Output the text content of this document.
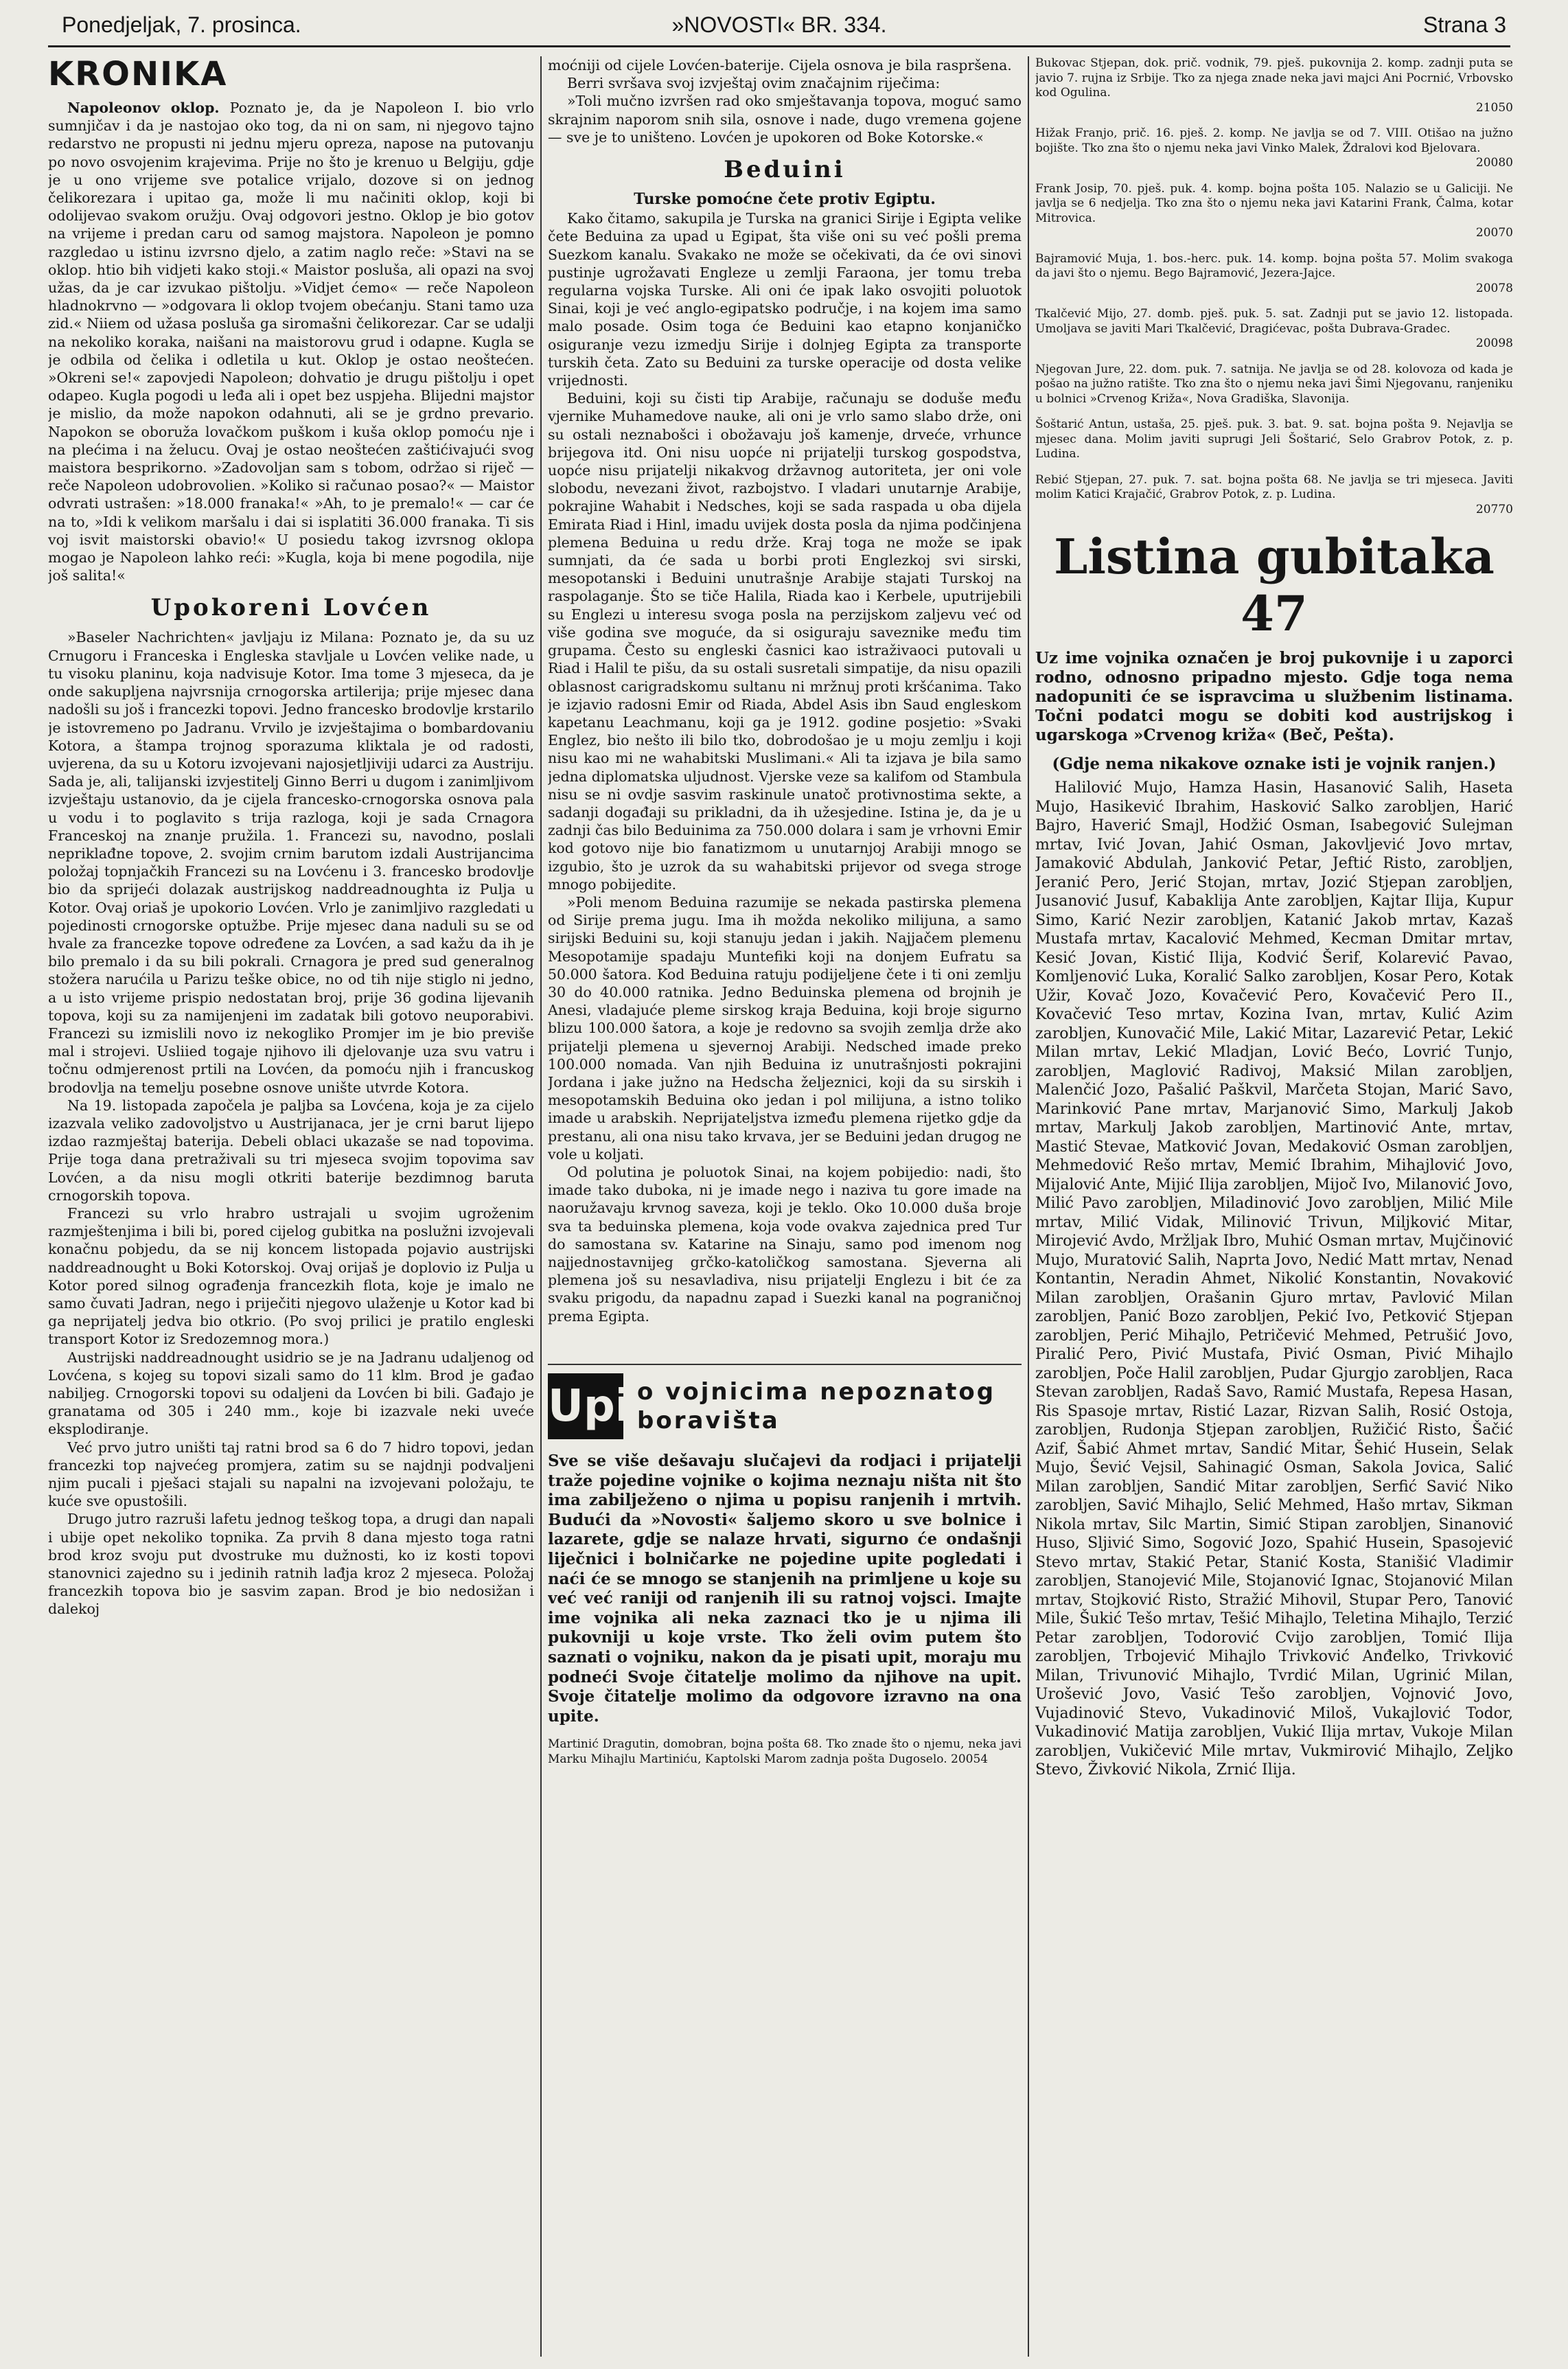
Ponedjeljak, 7. prosinca.	»NOVOSTI« BR. 334.	Strana 3
KRONIKA

Napoleonov oklop. Poznato je, da je Napoleon I. bio vrlo sumnjičav i da je nastojao oko tog, da ni on sam, ni njegovo tajno redarstvo ne propusti ni jednu mjeru opreza, napose na putovanju po novo osvojenim krajevima. Prije no što je krenuo u Belgiju, gdje je u ono vrijeme sve potalice vrijalo, dozove si on jednog čelikorezara i upitao ga, može li mu načiniti oklop, koji bi odolijevao svakom oružju. Ovaj odgovori jestno. Oklop je bio gotov na vrijeme i predan caru od samog majstora. Napoleon je pomno razgledao u istinu izvrsno djelo, a zatim naglo reče: »Stavi na se oklop. htio bih vidjeti kako stoji.« Maistor posluša, ali opazi na svoj užas, da je car izvukao pištolju. »Vidjet ćemo« — reče Napoleon hladnokrvno — »odgovara li oklop tvojem obećanju. Stani tamo uza zid.« Niiem od užasa posluša ga siromašni čelikorezar. Car se udalji na nekoliko koraka, naišani na maistorovu grud i odapne. Kugla se je odbila od čelika i odletila u kut. Oklop je ostao neoštećen. »Okreni se!« zapovjedi Napoleon; dohvatio je drugu pištolju i opet odapeo. Kugla pogodi u leđa ali i opet bez uspjeha. Blijedni majstor je mislio, da može napokon odahnuti, ali se je grdno prevario. Napokon se oboruža lovačkom puškom i kuša oklop pomoću nje i na plećima i na želucu. Ovaj je ostao neoštećen zaštićivajući svog maistora besprikorno. »Zadovoljan sam s tobom, održao si riječ — reče Napoleon udobrovolien. »Koliko si računao posao?« — Maistor odvrati ustrašen: »18.000 franaka!« »Ah, to je premalo!« — car će na to, »Idi k velikom maršalu i dai si isplatiti 36.000 franaka. Ti sis voj isvit maistorski obavio!« U posiedu takog izvrsnog oklopa mogao je Napoleon lahko reći: »Kugla, koja bi mene pogodila, nije još salita!«

Upokoreni Lovćen

»Baseler Nachrichten« javljaju iz Milana: Poznato je, da su uz Crnugoru i Franceska i Engleska stavljale u Lovćen velike nade, u tu visoku planinu, koja nadvisuje Kotor. Ima tome 3 mjeseca, da je onde sakupljena najvrsnija crnogorska artilerija; prije mjesec dana nadošli su još i francezki topovi. Jedno francesko brodovlje krstarilo je istovremeno po Jadranu. Vrvilo je izvještajima o bombardovaniu Kotora, a štampa trojnog sporazuma kliktala je od radosti, uvjerena, da su u Kotoru izvojevani najosjetljiviji udarci za Austriju. Sada je, ali, talijanski izvjestitelj Ginno Berri u dugom i zanimljivom izvještaju ustanovio, da je cijela francesko-crnogorska osnova pala u vodu i to poglavito s trija razloga, koji je sada Crnagora Franceskoj na znanje pružila. 1. Francezi su, navodno, poslali nepriklađne topove, 2. svojim crnim barutom izdali Austrijancima položaj topnjačkih Francezi su na Lovćenu i 3. francesko brodovlje bio da sprijeći dolazak austrijskog naddreadnoughta iz Pulja u Kotor. Ovaj oriaš je upokorio Lovćen. Vrlo je zanimljivo razgledati u pojedinosti crnogorske optužbe. Prije mjesec dana naduli su se od hvale za francezke topove određene za Lovćen, a sad kažu da ih je bilo premalo i da su bili pokrali. Crnagora je pred sud generalnog stožera narućila u Parizu teške obice, no od tih nije stiglo ni jedno, a u isto vrijeme prispio nedostatan broj, prije 36 godina lijevanih topova, koji su za namijenjeni im zadatak bili gotovo neuporabivi. Francezi su izmislili novo iz nekogliko Promjer im je bio previše mal i strojevi. Usliied togaje njihovo ili djelovanje uza svu vatru i točnu odmjerenost prtili na Lovćen, da pomoću njih i francuskog brodovlja na temelju posebne osnove unište utvrde Kotora.

Na 19. listopada započela je paljba sa Lovćena, koja je za cijelo izazvala veliko zadovoljstvo u Austrijanaca, jer je crni barut lijepo izdao razmještaj baterija. Debeli oblaci ukazaše se nad topovima. Prije toga dana pretraživali su tri mjeseca svojim topovima sav Lovćen, a da nisu mogli otkriti baterije bezdimnog baruta crnogorskih topova.

Francezi su vrlo hrabro ustrajali u svojim ugroženim razmještenjima i bili bi, pored cijelog gubitka na poslužni izvojevali konačnu pobjedu, da se nij koncem listopada pojavio austrijski naddreadnought u Boki Kotorskoj. Ovaj orijaš je doplovio iz Pulja u Kotor pored silnog ograđenja francezkih flota, koje je imalo ne samo čuvati Jadran, nego i priječiti njegovo ulaženje u Kotor kad bi ga neprijatelj jedva bio otkrio. (Po svoj prilici je pratilo engleski transport Kotor iz Sredozemnog mora.)

Austrijski naddreadnought usidrio se je na Jadranu udaljenog od Lovćena, s kojeg su topovi sizali samo do 11 klm. Brod je gađao nabiljeg. Crnogorski topovi su odaljeni da Lovćen bi bili. Gađajo je granatama od 305 i 240 mm., koje bi izazvale neki uveće eksplodiranje.

Već prvo jutro uništi taj ratni brod sa 6 do 7 hidro topovi, jedan francezki top najvećeg promjera, zatim su se najdnji podvaljeni njim pucali i pješaci stajali su napalni na izvojevani položaju, te kuće sve opustošili.

Drugo jutro razruši lafetu jednog teškog topa, a drugi dan napali i ubije opet nekoliko topnika. Za prvih 8 dana mjesto toga ratni brod kroz svoju put dvostruke mu dužnosti, ko iz kosti topovi stanovnici zajedno su i jedinih ratnih lađja kroz 2 mjeseca. Položaj francezkih topova bio je sasvim zapan. Brod je bio nedosižan i dalekoj

moćniji od cijele Lovćen-baterije. Cijela osnova je bila raspršena.

Berri svršava svoj izvještaj ovim značajnim riječima:

»Toli mučno izvršen rad oko smještavanja topova, moguć samo skrajnim naporom snih sila, osnove i nade, dugo vremena gojene — sve je to uništeno. Lovćen je upokoren od Boke Kotorske.«

Beduini

Turske pomoćne čete protiv Egiptu.

Kako čitamo, sakupila je Turska na granici Sirije i Egipta velike čete Beduina za upad u Egipat, šta više oni su već pošli prema Suezkom kanalu. Svakako ne može se očekivati, da će ovi sinovi pustinje ugrožavati Engleze u zemlji Faraona, jer tomu treba regularna vojska Turske. Ali oni će ipak lako osvojiti poluotok Sinai, koji je već anglo-egipatsko područje, i na kojem ima samo malo posade. Osim toga će Beduini kao etapno konjaničko osiguranje vezu izmedju Sirije i dolnjeg Egipta za transporte turskih četa. Zato su Beduini za turske operacije od dosta velike vrijednosti.

Beduini, koji su čisti tip Arabije, računaju se doduše među vjernike Muhamedove nauke, ali oni je vrlo samo slabo drže, oni su ostali neznabošci i obožavaju još kamenje, drveće, vrhunce brijegova itd. Oni nisu uopće ni prijatelji turskog gospodstva, uopće nisu prijatelji nikakvog državnog autoriteta, jer oni vole slobodu, nevezani život, razbojstvo. I vladari unutarnje Arabije, pokrajine Wahabit i Nedsches, koji se sada raspada u oba dijela Emirata Riad i Hinl, imadu uvijek dosta posla da njima podčinjena plemena Beduina u redu drže. Kraj toga ne može se ipak sumnjati, da će sada u borbi proti Englezkoj svi sirski, mesopotanski i Beduini unutrašnje Arabije stajati Turskoj na raspolaganje. Što se tiče Halila, Riada kao i Kerbele, uputrijebili su Englezi u interesu svoga posla na perzijskom zaljevu već od više godina sve moguće, da si osiguraju saveznike među tim grupama. Često su engleski časnici kao istraživaoci putovali u Riad i Halil te pišu, da su ostali susretali simpatije, da nisu opazili oblasnost carigradskomu sultanu ni mržnuj proti kršćanima. Tako je izjavio radosni Emir od Riada, Abdel Asis ibn Saud engleskom kapetanu Leachmanu, koji ga je 1912. godine posjetio: »Svaki Englez, bio nešto ili bilo tko, dobrodošao je u moju zemlju i koji nisu kao mi ne wahabitski Muslimani.« Ali ta izjava je bila samo jedna diplomatska uljudnost. Vjerske veze sa kalifom od Stambula nisu se ni ovdje sasvim raskinule unatoč protivnostima sekte, a sadanji događaji su prikladni, da ih užesjedine. Istina je, da je u zadnji čas bilo Beduinima za 750.000 dolara i sam je vrhovni Emir kod gotovo nije bio fanatizmom u unutarnjoj Arabiji mnogo se izgubio, što je uzrok da su wahabitski prijevor od svega stroge mnogo pobijedite.

»Poli menom Beduina razumije se nekada pastirska plemena od Sirije prema jugu. Ima ih možda nekoliko milijuna, a samo sirijski Beduini su, koji stanuju jedan i jakih. Najjačem plemenu Mesopotamije spadaju Muntefiki koji na donjem Eufratu sa 50.000 šatora. Kod Beduina ratuju podijeljene čete i ti oni zemlju 30 do 40.000 ratnika. Jedno Beduinska plemena od brojnih je Anesi, vladajuće pleme sirskog kraja Beduina, koji broje sigurno blizu 100.000 šatora, a koje je redovno sa svojih zemlja drže ako prijatelji plemena u sjevernoj Arabiji. Nedsched imade preko 100.000 nomada. Van njih Beduina iz unutrašnjosti pokrajini Jordana i jake južno na Hedscha željeznici, koji da su sirskih i mesopotamskih Beduina oko jedan i pol milijuna, a istno toliko imade u arabskih. Neprijateljstva između plemena rijetko gdje da prestanu, ali ona nisu tako krvava, jer se Beduini jedan drugog ne vole u koljati.

Od polutina je poluotok Sinai, na kojem pobijedio: nadi, što imade tako duboka, ni je imade nego i naziva tu gore imade na naoružavaju krvnog saveza, koji je teklo. Oko 10.000 duša broje sva ta beduinska plemena, koja vode ovakva zajednica pred Tur do samostana sv. Katarine na Sinaju, samo pod imenom nog najjednostavnijeg grčko-katoličkog samostana. Sjeverna ali plemena još su nesavladiva, nisu prijatelji Englezu i bit će za svaku prigodu, da napadnu zapad i Suezki kanal na pograničnoj prema Egipta.

Upit
o vojnicima nepoznatog boravišta

Sve se više dešavaju slučajevi da rodjaci i prijatelji traže pojedine vojnike o kojima neznaju ništa nit što ima zabilježeno o njima u popisu ranjenih i mrtvih. Budući da »Novosti« šaljemo skoro u sve bolnice i lazarete, gdje se nalaze hrvati, sigurno će ondašnji liječnici i bolničarke ne pojedine upite pogledati i naći će se mnogo se stanjenih na primljene u koje su već već raniji od ranjenih ili su ratnoj vojsci. Imajte ime vojnika ali neka zaznaci tko je u njima ili pukovniji u koje vrste. Tko želi ovim putem što saznati o vojniku, nakon da je pisati upit, moraju mu podneći Svoje čitatelje molimo da njihove na upit. Svoje čitatelje molimo da odgovore izravno na ona upite.

Martinić Dragutin, domobran, bojna pošta 68. Tko znade što o njemu, neka javi Marku Mihajlu Martiniću, Kaptolski Marom zadnja pošta Dugoselo. 20054

Bukovac Stjepan, dok. prič. vodnik, 79. pješ. pukovnija 2. komp. zadnji puta se javio 7. rujna iz Srbije. Tko za njega znade neka javi majci Ani Pocrnić, Vrbovsko kod Ogulina.

21050

Hižak Franjo, prič. 16. pješ. 2. komp. Ne javlja se od 7. VIII. Otišao na južno bojište. Tko zna što o njemu neka javi Vinko Malek, Ždralovi kod Bjelovara.

20080

Frank Josip, 70. pješ. puk. 4. komp. bojna pošta 105. Nalazio se u Galiciji. Ne javlja se 6 nedjelja. Tko zna što o njemu neka javi Katarini Frank, Čalma, kotar Mitrovica.

20070

Bajramović Muja, 1. bos.-herc. puk. 14. komp. bojna pošta 57. Molim svakoga da javi što o njemu. Bego Bajramović, Jezera-Jajce.

20078

Tkalčević Mijo, 27. domb. pješ. puk. 5. sat. Zadnji put se javio 12. listopada. Umoljava se javiti Mari Tkalčević, Dragićevac, pošta Dubrava-Gradec.

20098

Njegovan Jure, 22. dom. puk. 7. satnija. Ne javlja se od 28. kolovoza od kada je pošao na južno ratište. Tko zna što o njemu neka javi Šimi Njegovanu, ranjeniku u bolnici »Crvenog Križa«, Nova Gradiška, Slavonija.

Šoštarić Antun, ustaša, 25. pješ. puk. 3. bat. 9. sat. bojna pošta 9. Nejavlja se mjesec dana. Molim javiti suprugi Jeli Šoštarić, Selo Grabrov Potok, z. p. Ludina.

Rebić Stjepan, 27. puk. 7. sat. bojna pošta 68. Ne javlja se tri mjeseca. Javiti molim Katici Krajačić, Grabrov Potok, z. p. Ludina.

20770

Listina gubitaka 47

Uz ime vojnika označen je broj pukovnije i u zaporci rodno, odnosno pripadno mjesto. Gdje toga nema nadopuniti će se ispravcima u službenim listinama. Točni podatci mogu se dobiti kod austrijskog i ugarskoga »Crvenog križa« (Beč, Pešta).

(Gdje nema nikakove oznake isti je vojnik ranjen.)

Halilović Mujo, Hamza Hasin, Hasanović Salih, Haseta Mujo, Hasikević Ibrahim, Hasković Salko zarobljen, Harić Bajro, Haverić Smajl, Hodžić Osman, Isabegović Sulejman mrtav, Ivić Jovan, Jahić Osman, Jakovljević Jovo mrtav, Jamaković Abdulah, Janković Petar, Jeftić Risto, zarobljen, Jeranić Pero, Jerić Stojan, mrtav, Jozić Stjepan zarobljen, Jusanović Jusuf, Kabaklija Ante zarobljen, Kajtar Ilija, Kupur Simo, Karić Nezir zarobljen, Katanić Jakob mrtav, Kazaš Mustafa mrtav, Kacalović Mehmed, Kecman Dmitar mrtav, Kesić Jovan, Kistić Ilija, Kodvić Šerif, Kolarević Pavao, Komljenović Luka, Koralić Salko zarobljen, Kosar Pero, Kotak Užir, Kovač Jozo, Kovačević Pero, Kovačević Pero II., Kovačević Teso mrtav, Kozina Ivan, mrtav, Kulić Azim zarobljen, Kunovačić Mile, Lakić Mitar, Lazarević Petar, Lekić Milan mrtav, Lekić Mladjan, Lović Bećo, Lovrić Tunjo, zarobljen, Maglović Radivoj, Maksić Milan zarobljen, Malenčić Jozo, Pašalić Paškvil, Marčeta Stojan, Marić Savo, Marinković Pane mrtav, Marjanović Simo, Markulj Jakob mrtav, Markulj Jakob zarobljen, Martinović Ante, mrtav, Mastić Stevae, Matković Jovan, Medaković Osman zarobljen, Mehmedović Rešo mrtav, Memić Ibrahim, Mihajlović Jovo, Mijalović Ante, Mijić Ilija zarobljen, Mijoč Ivo, Milanović Jovo, Milić Pavo zarobljen, Miladinović Jovo zarobljen, Milić Mile mrtav, Milić Vidak, Milinović Trivun, Miljković Mitar, Mirojević Avdo, Mržljak Ibro, Muhić Osman mrtav, Mujčinović Mujo, Muratović Salih, Naprta Jovo, Nedić Matt mrtav, Nenad Kontantin, Neradin Ahmet, Nikolić Konstantin, Novaković Milan zarobljen, Orašanin Gjuro mrtav, Pavlović Milan zarobljen, Panić Bozo zarobljen, Pekić Ivo, Petković Stjepan zarobljen, Perić Mihajlo, Petričević Mehmed, Petrušić Jovo, Piralić Pero, Pivić Mustafa, Pivić Osman, Pivić Mihajlo zarobljen, Poče Halil zarobljen, Pudar Gjurgjo zarobljen, Raca Stevan zarobljen, Radaš Savo, Ramić Mustafa, Repesa Hasan, Ris Spasoje mrtav, Ristić Lazar, Rizvan Salih, Rosić Ostoja, zarobljen, Rudonja Stjepan zarobljen, Ružičić Risto, Šačić Azif, Šabić Ahmet mrtav, Sandić Mitar, Šehić Husein, Selak Mujo, Šević Vejsil, Sahinagić Osman, Sakola Jovica, Salić Milan zarobljen, Sandić Mitar zarobljen, Serfić Savić Niko zarobljen, Savić Mihajlo, Selić Mehmed, Hašo mrtav, Sikman Nikola mrtav, Silc Martin, Simić Stipan zarobljen, Sinanović Huso, Sljivić Simo, Sogović Jozo, Spahić Husein, Spasojević Stevo mrtav, Stakić Petar, Stanić Kosta, Stanišić Vladimir zarobljen, Stanojević Mile, Stojanović Ignac, Stojanović Milan mrtav, Stojković Risto, Stražić Mihovil, Stupar Pero, Tanović Mile, Šukić Tešo mrtav, Tešić Mihajlo, Teletina Mihajlo, Terzić Petar zarobljen, Todorović Cvijo zarobljen, Tomić Ilija zarobljen, Trbojević Mihajlo Trivković Anđelko, Trivković Milan, Trivunović Mihajlo, Tvrdić Milan, Ugrinić Milan, Urošević Jovo, Vasić Tešo zarobljen, Vojnović Jovo, Vujadinović Stevo, Vukadinović Miloš, Vukajlović Todor, Vukadinović Matija zarobljen, Vukić Ilija mrtav, Vukoje Milan zarobljen, Vukičević Mile mrtav, Vukmirović Mihajlo, Zeljko Stevo, Živković Nikola, Zrnić Ilija.
